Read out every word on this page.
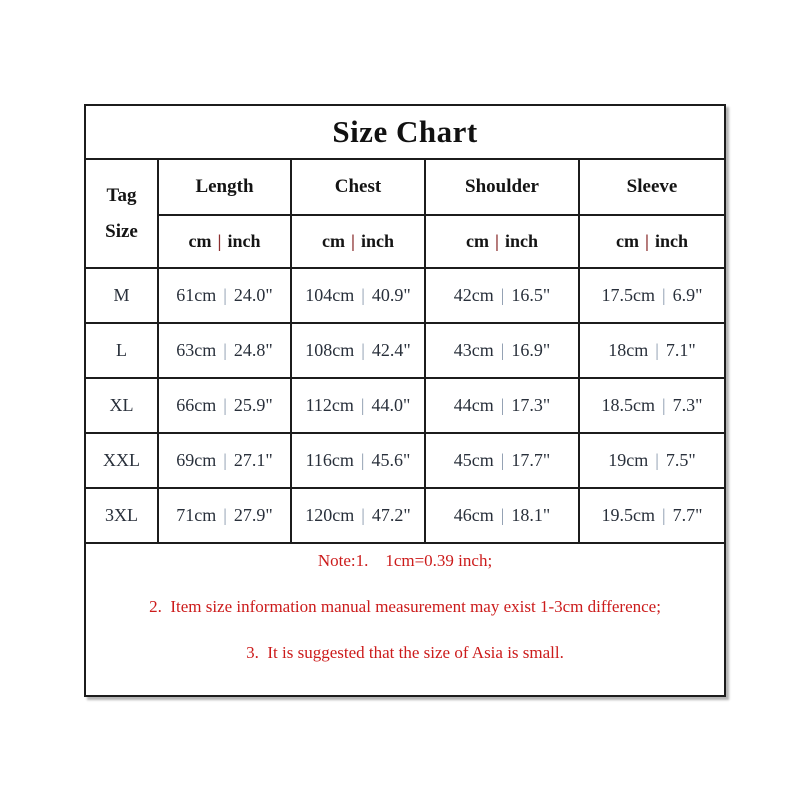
Size Chart				

Tag
Size	Length	Chest	Shoulder	Sleeve
	cm | inch	cm | inch	cm | inch	cm | inch
M	61cm | 24.0"	104cm | 40.9"	42cm | 16.5"	17.5cm | 6.9"
L	63cm | 24.8"	108cm | 42.4"	43cm | 16.9"	18cm | 7.1"
XL	66cm | 25.9"	112cm | 44.0"	44cm | 17.3"	18.5cm | 7.3"
XXL	69cm | 27.1"	116cm | 45.6"	45cm | 17.7"	19cm | 7.5"
3XL	71cm | 27.9"	120cm | 47.2"	46cm | 18.1"	19.5cm | 7.7"

Note:1.    1cm=0.39 inch;

2.  Item size information manual measurement may exist 1-3cm difference;

3.  It is suggested that the size of Asia is small.				
